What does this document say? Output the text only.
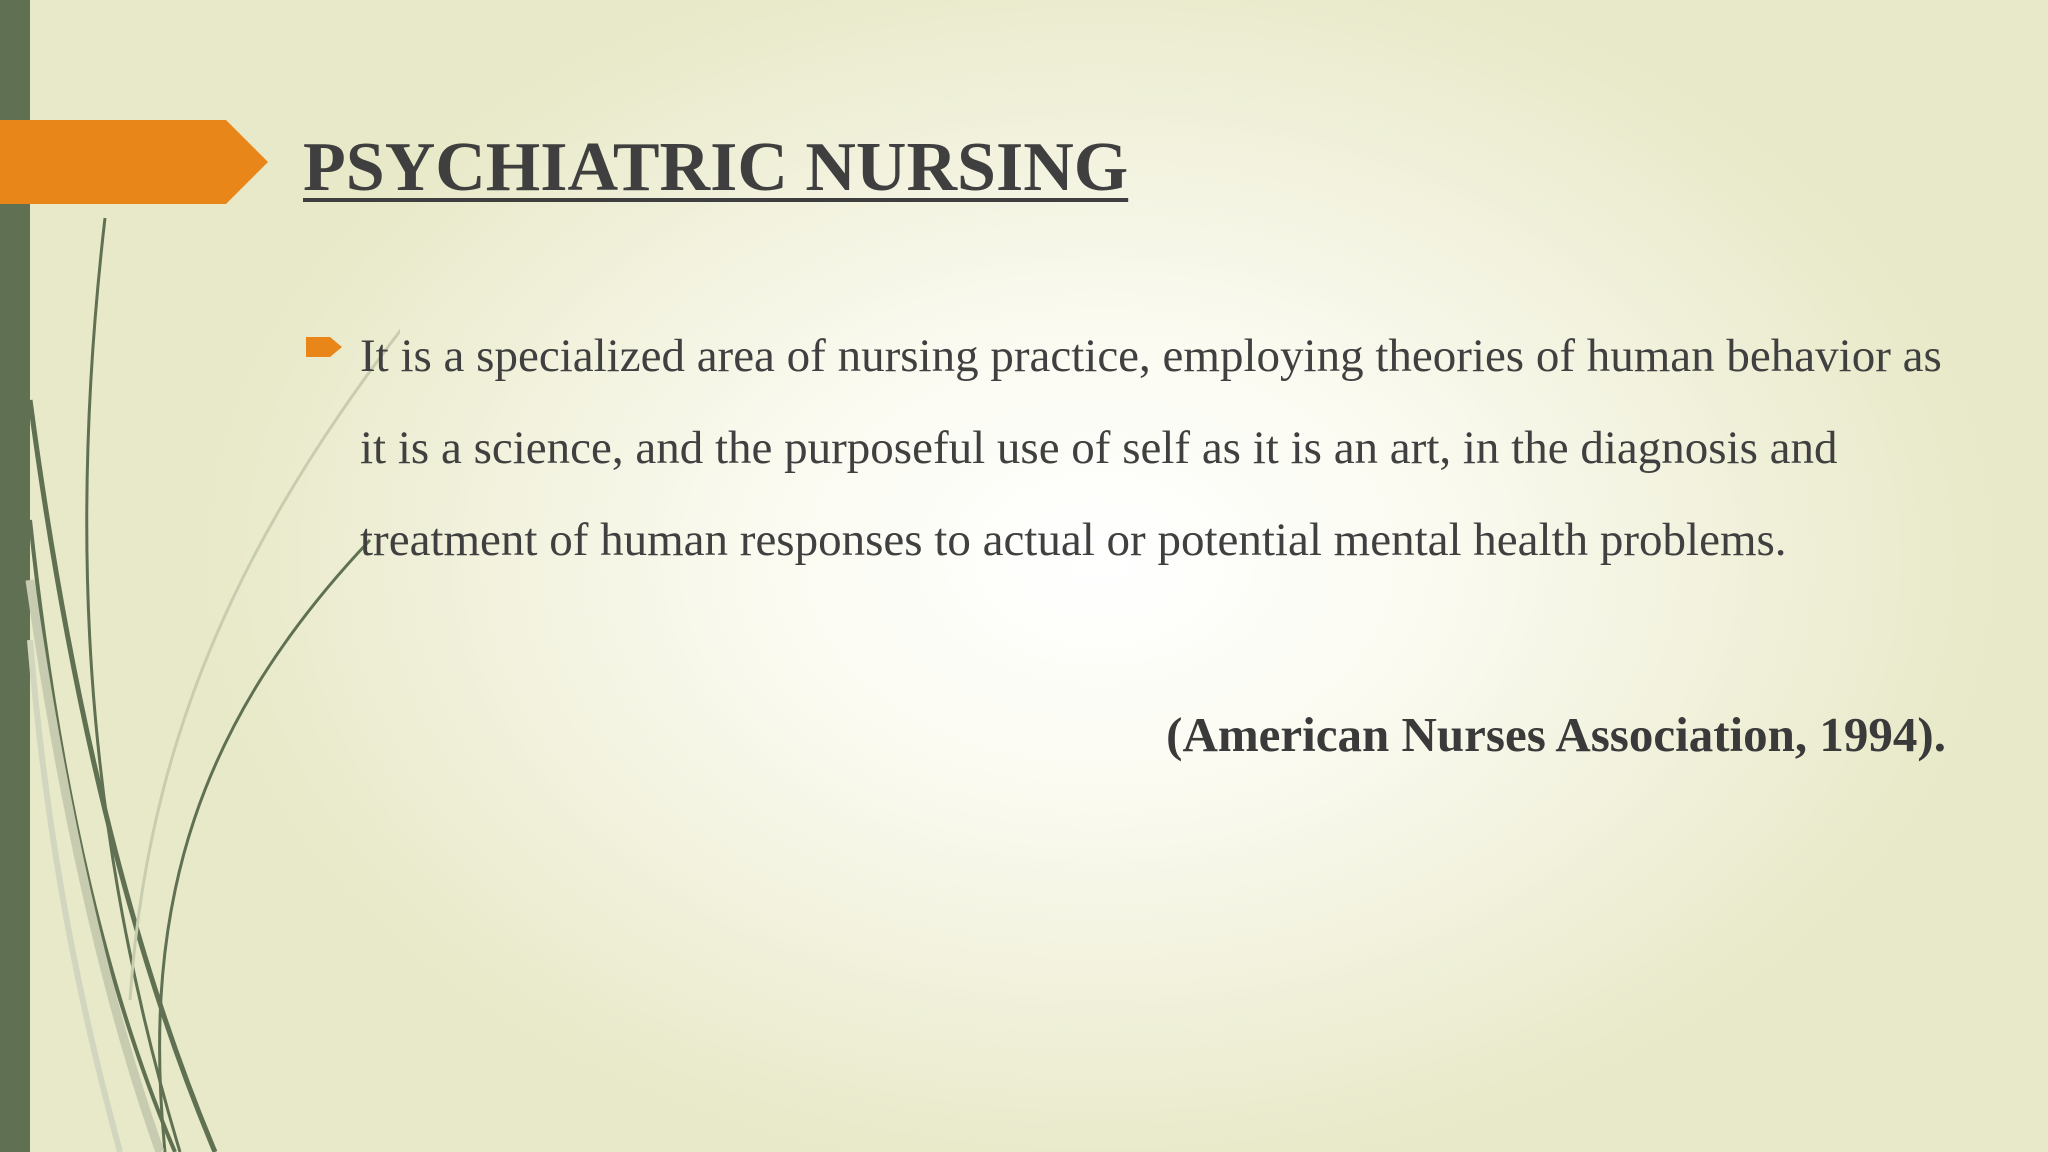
PSYCHIATRIC NURSING

It is a specialized area of nursing practice, employing theories of human behavior as it is a science, and the purposeful use of self as it is an art, in the diagnosis and treatment of human responses to actual or potential mental health problems.

(American Nurses Association, 1994).
